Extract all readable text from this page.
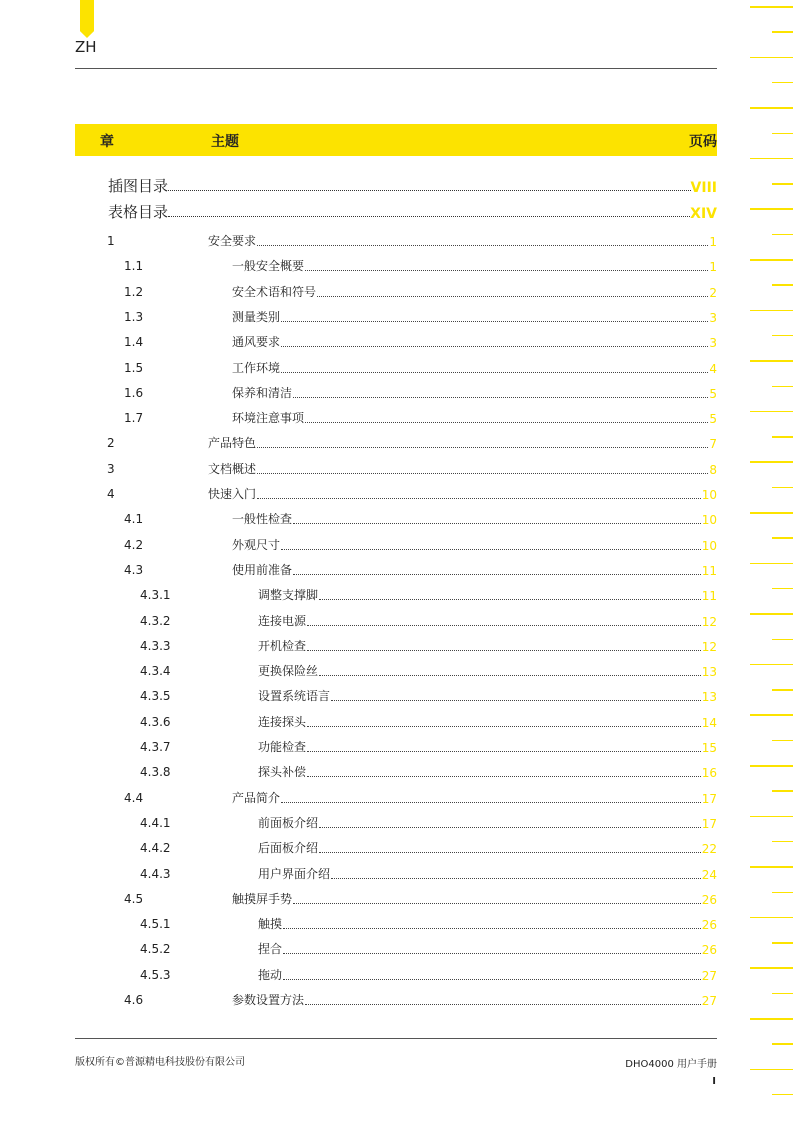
ZH
章	主题	页码
插图目录	VIII
表格目录	XIV
1	安全要求	1
1.1	一般安全概要	1
1.2	安全术语和符号	2
1.3	测量类别	3
1.4	通风要求	3
1.5	工作环境	4
1.6	保养和清洁	5
1.7	环境注意事项	5
2	产品特色	7
3	文档概述	8
4	快速入门	10
4.1	一般性检查	10
4.2	外观尺寸	10
4.3	使用前准备	11
4.3.1	调整支撑脚	11
4.3.2	连接电源	12
4.3.3	开机检查	12
4.3.4	更换保险丝	13
4.3.5	设置系统语言	13
4.3.6	连接探头	14
4.3.7	功能检查	15
4.3.8	探头补偿	16
4.4	产品简介	17
4.4.1	前面板介绍	17
4.4.2	后面板介绍	22
4.4.3	用户界面介绍	24
4.5	触摸屏手势	26
4.5.1	触摸	26
4.5.2	捏合	26
4.5.3	拖动	27
4.6	参数设置方法	27
版权所有©普源精电科技股份有限公司	DHO4000 用户手册
I
